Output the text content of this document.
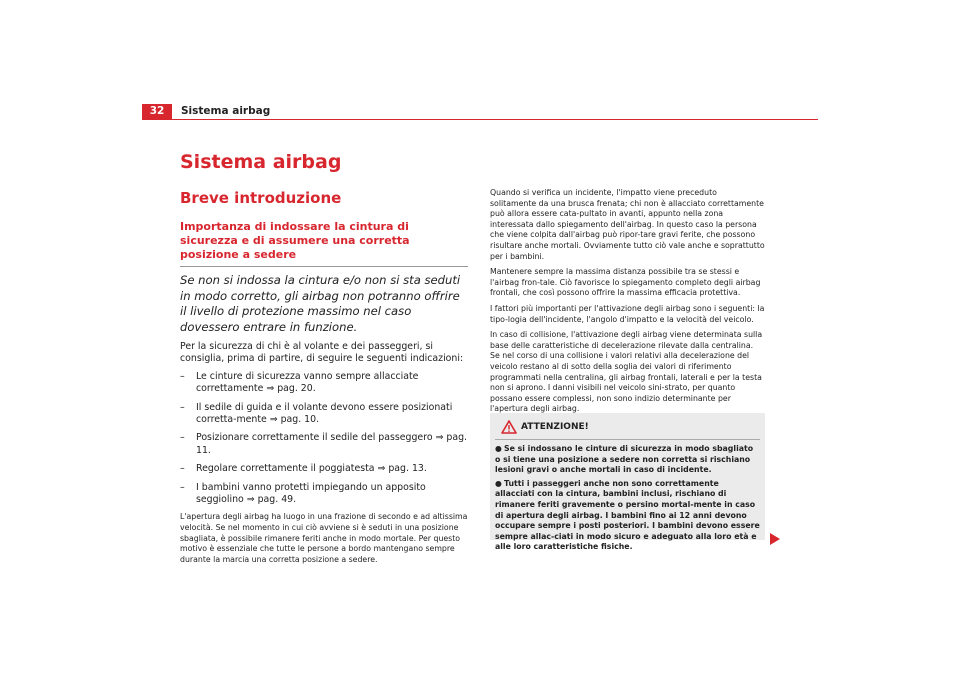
32	Sistema airbag
Sistema airbag
Breve introduzione
Importanza di indossare la cintura di sicurezza e di assumere una corretta posizione a sedere

Se non si indossa la cintura e/o non si sta seduti in modo corretto, gli airbag non potranno offrire il livello di protezione massimo nel caso dovessero entrare in funzione.

Per la sicurezza di chi è al volante e dei passeggeri, si consiglia, prima di partire, di seguire le seguenti indicazioni:

– Le cinture di sicurezza vanno sempre allacciate correttamente ⇒ pag. 20.
– Il sedile di guida e il volante devono essere posizionati corretta-mente ⇒ pag. 10.
– Posizionare correttamente il sedile del passeggero ⇒ pag. 11.
– Regolare correttamente il poggiatesta ⇒ pag. 13.
– I bambini vanno protetti impiegando un apposito seggiolino ⇒ pag. 49.

L'apertura degli airbag ha luogo in una frazione di secondo e ad altissima velocità. Se nel momento in cui ciò avviene si è seduti in una posizione sbagliata, è possibile rimanere feriti anche in modo mortale. Per questo motivo è essenziale che tutte le persone a bordo mantengano sempre durante la marcia una corretta posizione a sedere.

Quando si verifica un incidente, l'impatto viene preceduto solitamente da una brusca frenata; chi non è allacciato correttamente può allora essere cata-pultato in avanti, appunto nella zona interessata dallo spiegamento dell'airbag. In questo caso la persona che viene colpita dall'airbag può ripor-tare gravi ferite, che possono risultare anche mortali. Ovviamente tutto ciò vale anche e soprattutto per i bambini.

Mantenere sempre la massima distanza possibile tra se stessi e l'airbag fron-tale. Ciò favorisce lo spiegamento completo degli airbag frontali, che così possono offrire la massima efficacia protettiva.

I fattori più importanti per l'attivazione degli airbag sono i seguenti: la tipo-logia dell'incidente, l'angolo d'impatto e la velocità del veicolo.

In caso di collisione, l'attivazione degli airbag viene determinata sulla base delle caratteristiche di decelerazione rilevate dalla centralina. Se nel corso di una collisione i valori relativi alla decelerazione del veicolo restano al di sotto della soglia dei valori di riferimento programmati nella centralina, gli airbag frontali, laterali e per la testa non si aprono. I danni visibili nel veicolo sini-strato, per quanto possano essere complessi, non sono indizio determinante per l'apertura degli airbag.

ATTENZIONE!

● Se si indossano le cinture di sicurezza in modo sbagliato o si tiene una posizione a sedere non corretta si rischiano lesioni gravi o anche mortali in caso di incidente.

● Tutti i passeggeri anche non sono correttamente allacciati con la cintura, bambini inclusi, rischiano di rimanere feriti gravemente o persino mortal-mente in caso di apertura degli airbag. I bambini fino ai 12 anni devono occupare sempre i posti posteriori. I bambini devono essere sempre allac-ciati in modo sicuro e adeguato alla loro età e alle loro caratteristiche fisiche.
